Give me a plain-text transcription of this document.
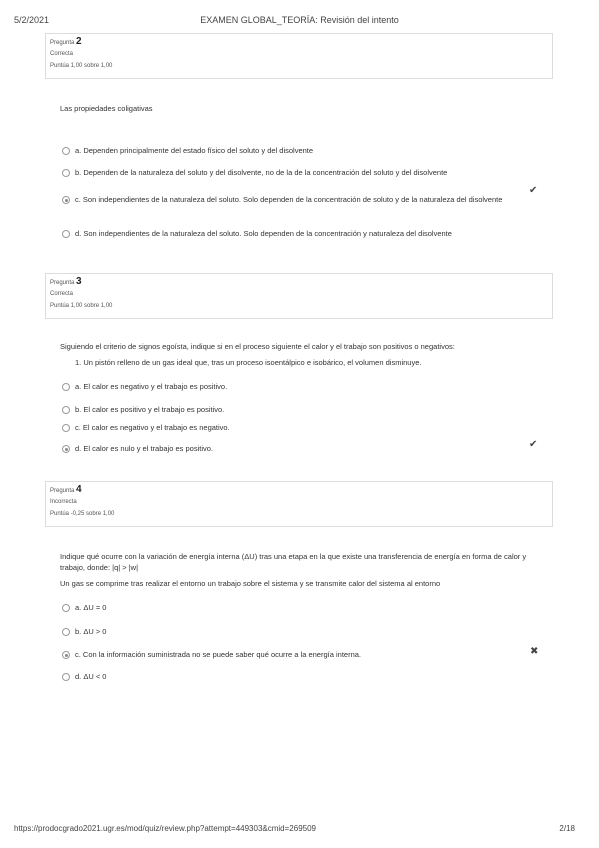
5/2/2021	EXAMEN GLOBAL_TEORÍA: Revisión del intento
Pregunta 2
Correcta
Puntúa 1,00 sobre 1,00
Las propiedades coligativas
a. Dependen principalmente del estado físico del soluto y del disolvente
b. Dependen de la naturaleza del soluto y del disolvente, no de la de la concentración del soluto y del disolvente
c. Son independientes de la naturaleza del soluto. Solo dependen de la concentración de soluto y de la naturaleza del disolvente
✔
d. Son independientes de la naturaleza del soluto. Solo dependen de la concentración y naturaleza del disolvente
Pregunta 3
Correcta
Puntúa 1,00 sobre 1,00
Siguiendo el criterio de signos egoísta, indique si en el proceso siguiente el calor y el trabajo son positivos o negativos:
1. Un pistón relleno de un gas ideal que, tras un proceso isoentálpico e isobárico, el volumen disminuye.
a. El calor es negativo y el trabajo es positivo.
b. El calor es positivo y el trabajo es positivo.
c. El calor es negativo y el trabajo es negativo.
d. El calor es nulo y el trabajo es positivo.	✔
Pregunta 4
Incorrecta
Puntúa -0,25 sobre 1,00
Indique qué ocurre con la variación de energía interna (ΔU) tras una etapa en la que existe una transferencia de energía en forma de calor y trabajo, donde: |q| > |w|
Un gas se comprime tras realizar el entorno un trabajo sobre el sistema y se transmite calor del sistema al entorno
a. ΔU = 0
b. ΔU > 0
c. Con la información suministrada no se puede saber qué ocurre a la energía interna.	✖
d. ΔU < 0
https://prodocgrado2021.ugr.es/mod/quiz/review.php?attempt=449303&cmid=269509	2/18
